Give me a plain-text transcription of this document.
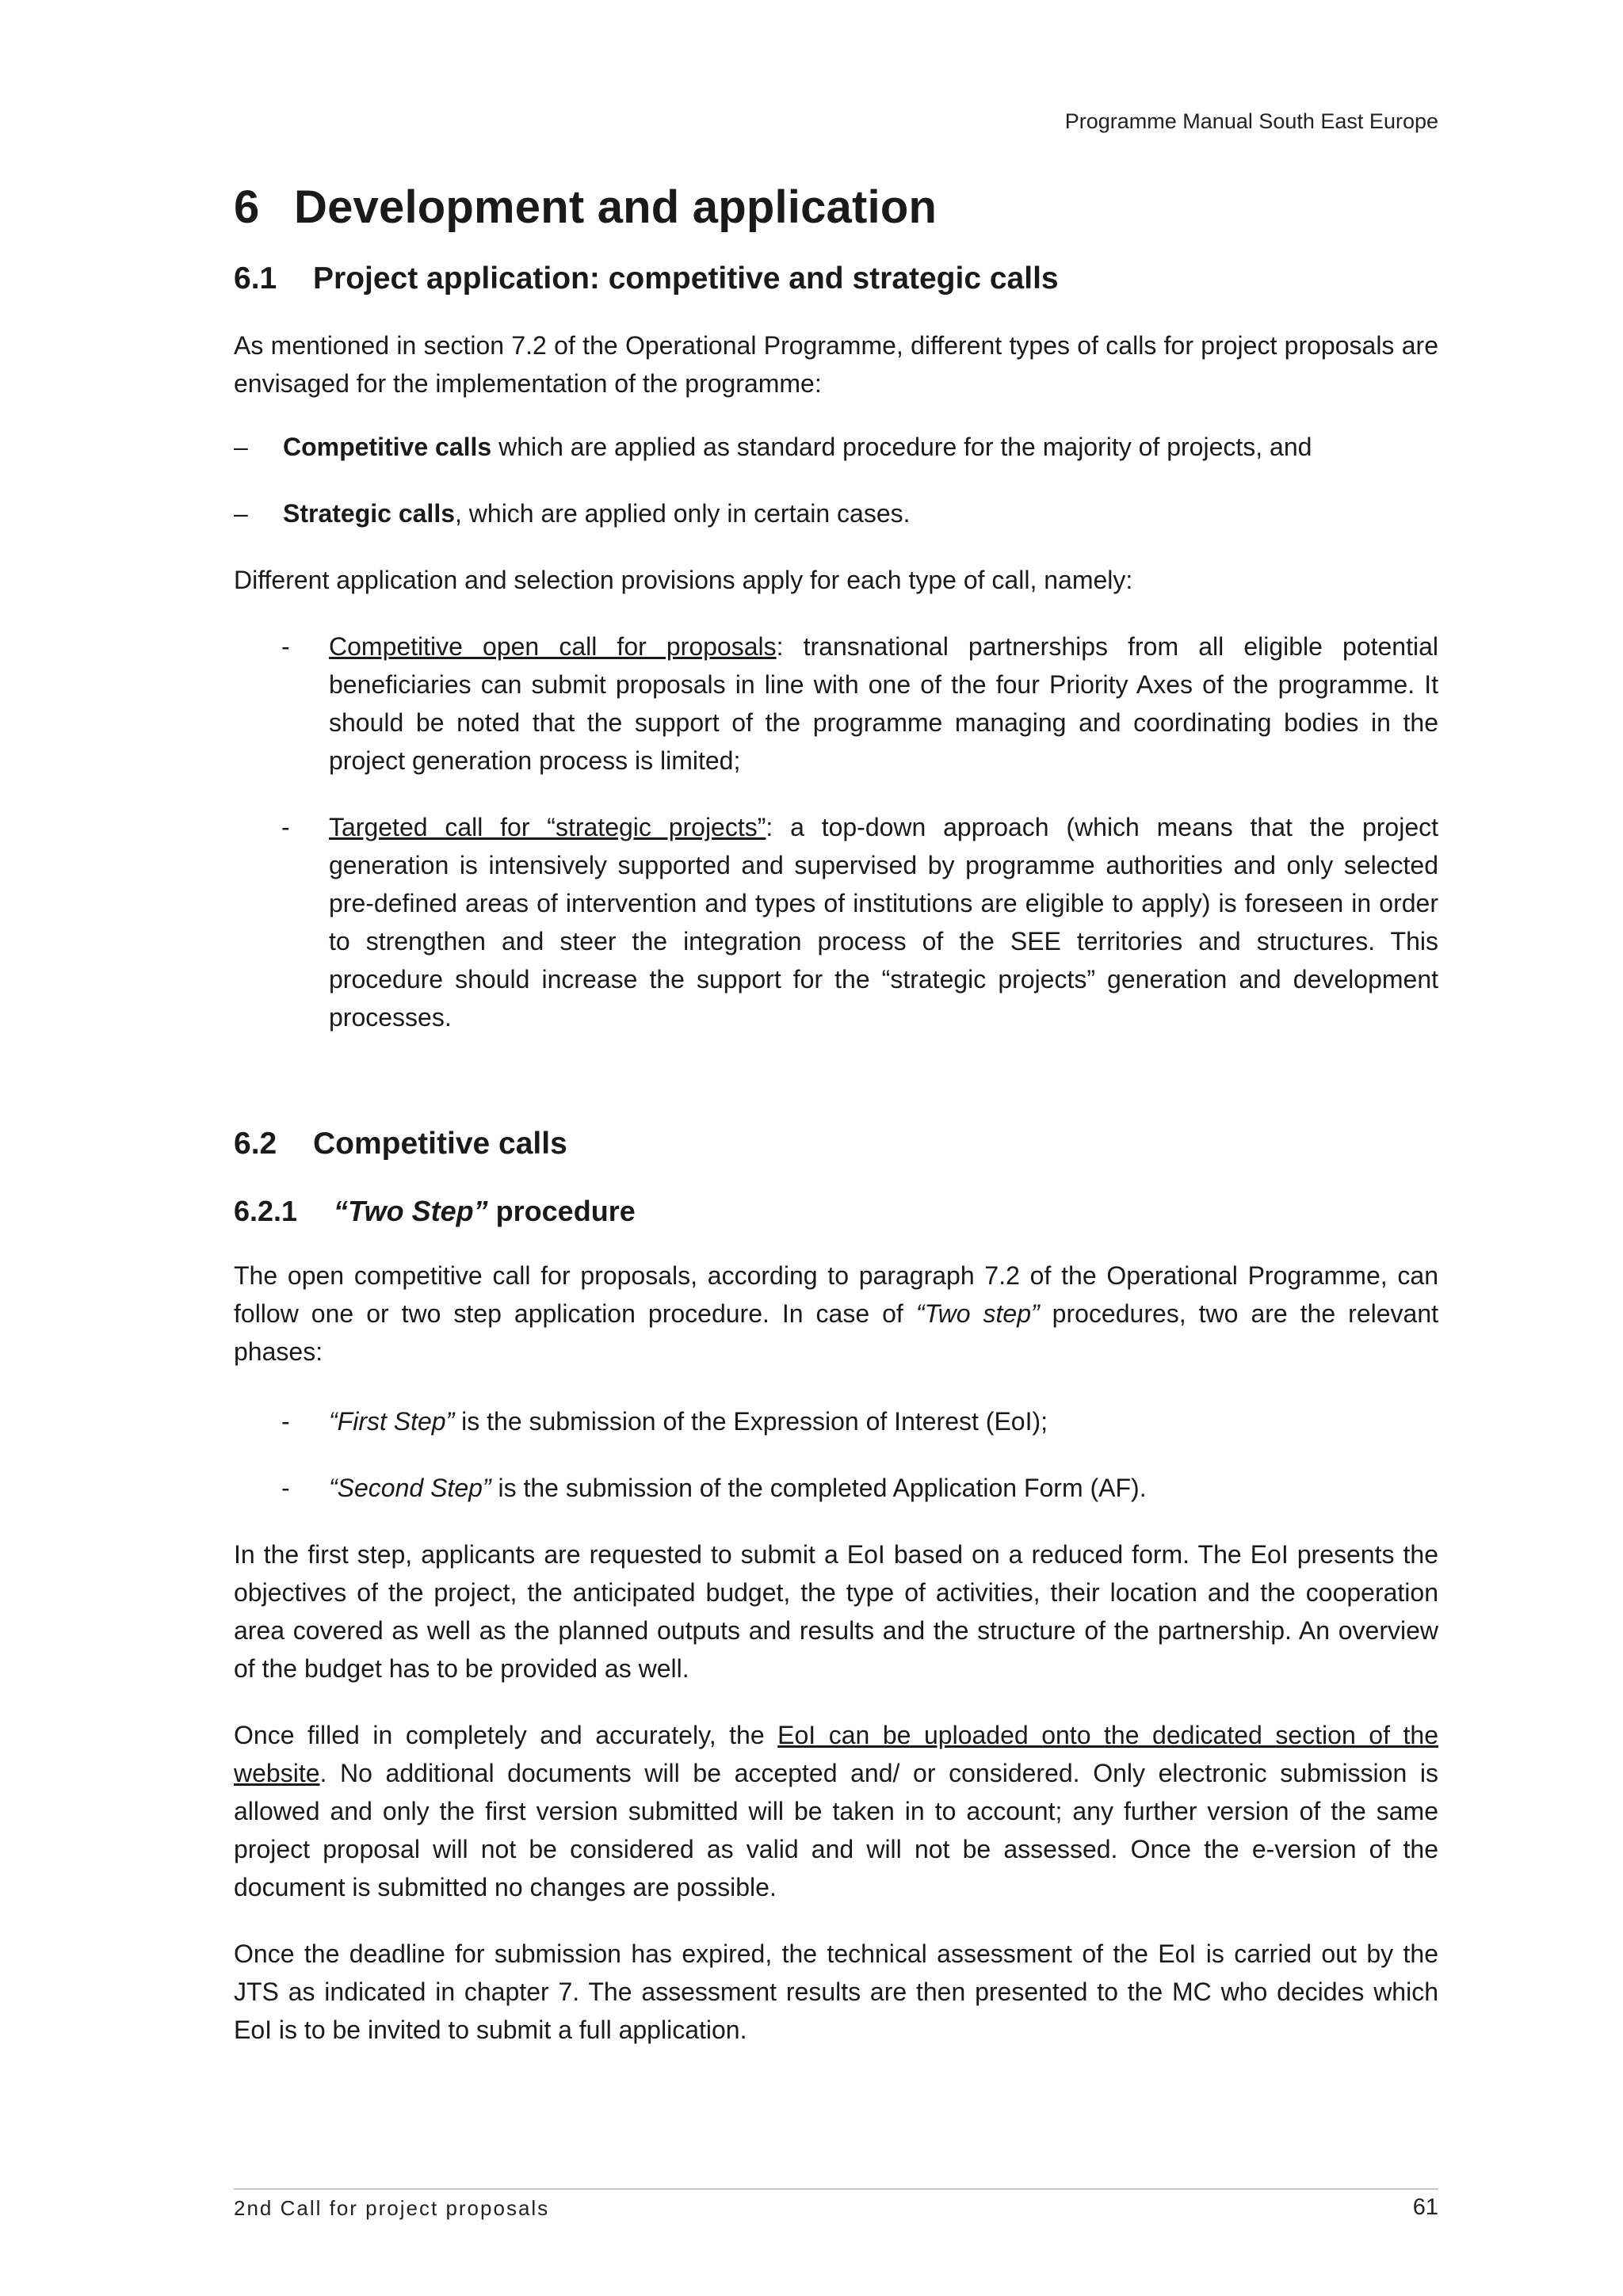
Programme Manual South East Europe
6 Development and application
6.1 Project application: competitive and strategic calls

As mentioned in section 7.2 of the Operational Programme, different types of calls for project proposals are envisaged for the implementation of the programme:

– Competitive calls which are applied as standard procedure for the majority of projects, and
– Strategic calls, which are applied only in certain cases.

Different application and selection provisions apply for each type of call, namely:

- Competitive open call for proposals: transnational partnerships from all eligible potential beneficiaries can submit proposals in line with one of the four Priority Axes of the programme. It should be noted that the support of the programme managing and coordinating bodies in the project generation process is limited;
- Targeted call for “strategic projects”: a top-down approach (which means that the project generation is intensively supported and supervised by programme authorities and only selected pre-defined areas of intervention and types of institutions are eligible to apply) is foreseen in order to strengthen and steer the integration process of the SEE territories and structures. This procedure should increase the support for the “strategic projects” generation and development processes.
6.2 Competitive calls
6.2.1 “Two Step” procedure

The open competitive call for proposals, according to paragraph 7.2 of the Operational Programme, can follow one or two step application procedure. In case of “Two step” procedures, two are the relevant phases:

- “First Step” is the submission of the Expression of Interest (EoI);
- “Second Step” is the submission of the completed Application Form (AF).

In the first step, applicants are requested to submit a EoI based on a reduced form. The EoI presents the objectives of the project, the anticipated budget, the type of activities, their location and the cooperation area covered as well as the planned outputs and results and the structure of the partnership. An overview of the budget has to be provided as well.

Once filled in completely and accurately, the EoI can be uploaded onto the dedicated section of the website. No additional documents will be accepted and/ or considered. Only electronic submission is allowed and only the first version submitted will be taken in to account; any further version of the same project proposal will not be considered as valid and will not be assessed. Once the e-version of the document is submitted no changes are possible.

Once the deadline for submission has expired, the technical assessment of the EoI is carried out by the JTS as indicated in chapter 7. The assessment results are then presented to the MC who decides which EoI is to be invited to submit a full application.

2nd Call for project proposals	61
